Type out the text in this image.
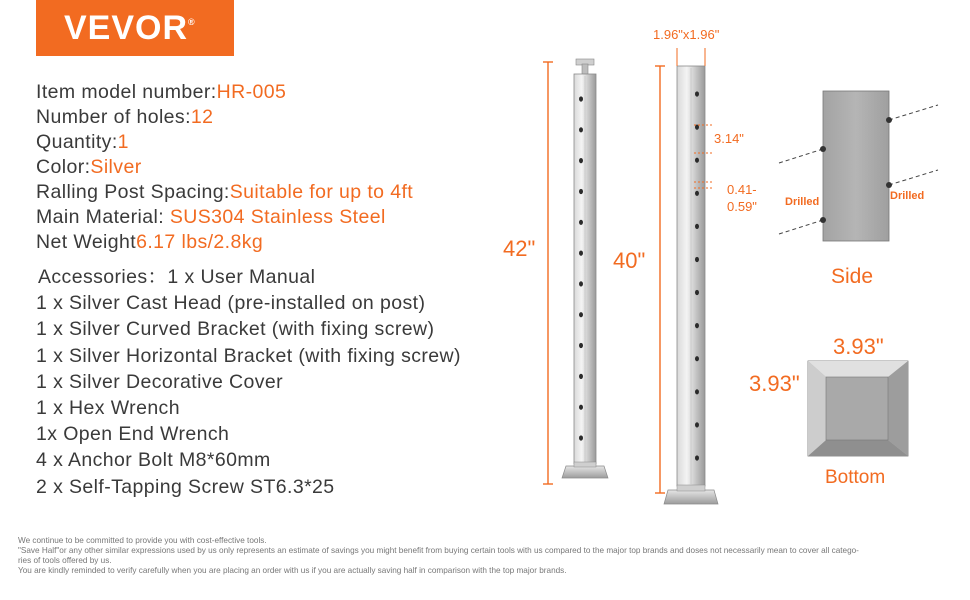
VEVOR®
Item model number:HR-005
Number of holes:12
Quantity:1
Color:Silver
Ralling Post Spacing:Suitable for up to 4ft
Main Material: SUS304 Stainless Steel
Net Weight6.17 lbs/2.8kg
Accessories：1 x User Manual
1 x Silver Cast Head (pre-installed on post)
1 x Silver Curved Bracket (with fixing screw)
1 x Silver Horizontal Bracket (with fixing screw)
1 x Silver Decorative Cover
1 x Hex Wrench
1x Open End Wrench
4 x Anchor Bolt M8*60mm
2 x Self-Tapping Screw ST6.3*25
42"	40"
1.96"x1.96"
3.14"
0.41-
0.59"	Drilled	Drilled
Side
3.93"
3.93"
Bottom
We continue to be committed to provide you with cost-effective tools.
"Save Half"or any other similar expressions used by us only represents an estimate of savings you might benefit from buying certain tools with us compared to the major top brands and doses not necessarily mean to cover all catego-
ries of tools offered by us.
You are kindly reminded to verify carefully when you are placing an order with us if you are actually saving half in comparison with the top major brands.
